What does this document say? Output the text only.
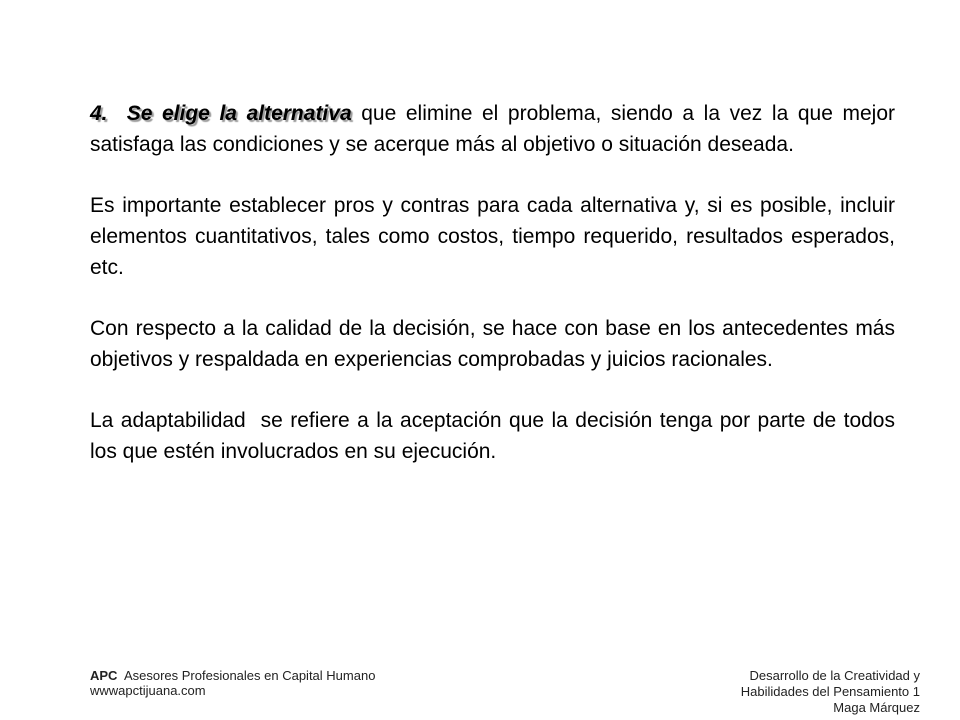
4. Se elige la alternativa que elimine el problema, siendo a la vez la que mejor satisfaga las condiciones y se acerque más al objetivo o situación deseada.

Es importante establecer pros y contras para cada alternativa y, si es posible, incluir elementos cuantitativos, tales como costos, tiempo requerido, resultados esperados, etc.

Con respecto a la calidad de la decisión, se hace con base en los antecedentes más objetivos y respaldada en experiencias comprobadas y juicios racionales.

La adaptabilidad  se refiere a la aceptación que la decisión tenga por parte de todos los que estén involucrados en su ejecución.

APC  Asesores Profesionales en Capital Humano
wwwapctijuana.com
Desarrollo de la Creatividad y
Habilidades del Pensamiento 1
Maga Márquez
